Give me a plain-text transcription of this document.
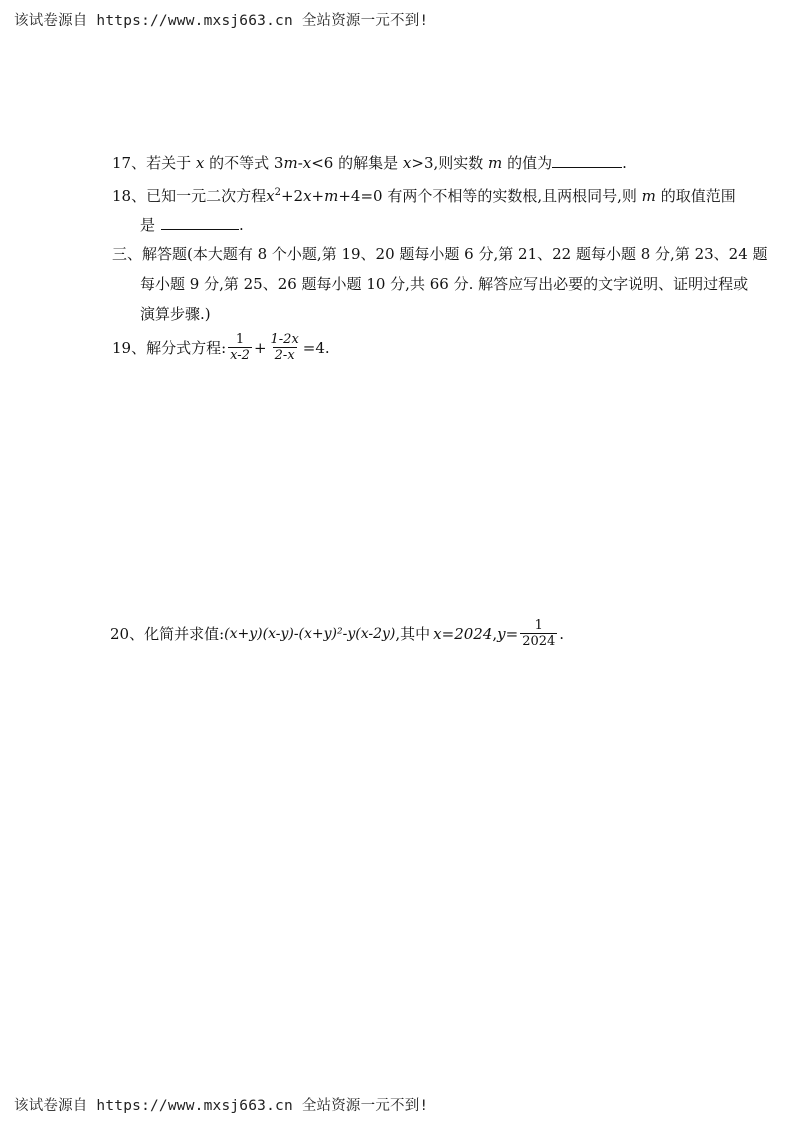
该试卷源自 https://www.mxsj663.cn 全站资源一元不到!
17、若关于 x 的不等式 3m-x<6 的解集是 x>3,则实数 m 的值为	.
18、已知一元二次方程$x^2+2x+m+4=0$ 有两个不相等的实数根,且两根同号,则 m 的取值范围
是	.
三、解答题(本大题有 8 个小题,第 19、20 题每小题 6 分,第 21、22 题每小题 8 分,第 23、24 题
每小题 9 分,第 25、26 题每小题 10 分,共 66 分. 解答应写出必要的文字说明、证明过程或
演算步骤.)
19、 解分式方程: $\frac{1}{x-2} + \frac{1-2x}{2-x} =4$.
20、 化简并求值: (x+y)(x-y)-(x+y)²-y(x-2y) ,其中 x=2024 , $y= \frac{1}{2024}$ .
该试卷源自 https://www.mxsj663.cn 全站资源一元不到!
